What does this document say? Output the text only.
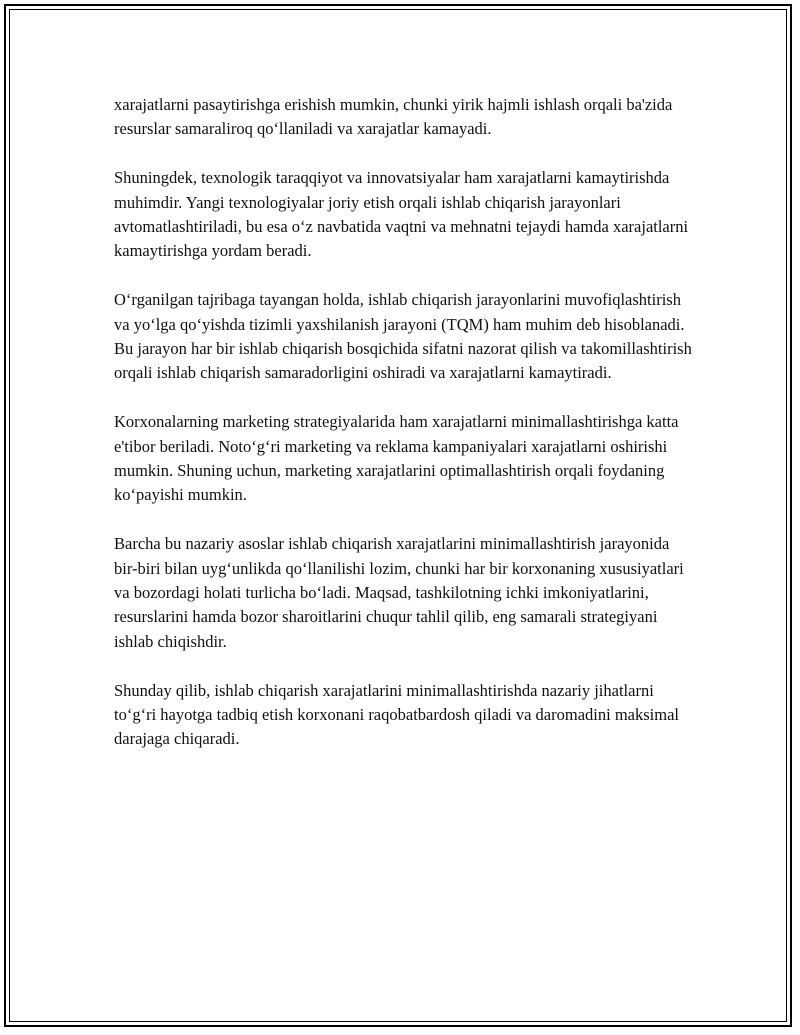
xarajatlarni pasaytirishga erishish mumkin, chunki yirik hajmli ishlash orqali ba'zida resurslar samaraliroq qo‘llaniladi va xarajatlar kamayadi.

Shuningdek, texnologik taraqqiyot va innovatsiyalar ham xarajatlarni kamaytirishda muhimdir. Yangi texnologiyalar joriy etish orqali ishlab chiqarish jarayonlari avtomatlashtiriladi, bu esa o‘z navbatida vaqtni va mehnatni tejaydi hamda xarajatlarni kamaytirishga yordam beradi.

O‘rganilgan tajribaga tayangan holda, ishlab chiqarish jarayonlarini muvofiqlashtirish va yo‘lga qo‘yishda tizimli yaxshilanish jarayoni (TQM) ham muhim deb hisoblanadi. Bu jarayon har bir ishlab chiqarish bosqichida sifatni nazorat qilish va takomillashtirish orqali ishlab chiqarish samaradorligini oshiradi va xarajatlarni kamaytiradi.

Korxonalarning marketing strategiyalarida ham xarajatlarni minimallashtirishga katta e'tibor beriladi. Noto‘g‘ri marketing va reklama kampaniyalari xarajatlarni oshirishi mumkin. Shuning uchun, marketing xarajatlarini optimallashtirish orqali foydaning ko‘payishi mumkin.

Barcha bu nazariy asoslar ishlab chiqarish xarajatlarini minimallashtirish jarayonida bir-biri bilan uyg‘unlikda qo‘llanilishi lozim, chunki har bir korxonaning xususiyatlari va bozordagi holati turlicha bo‘ladi. Maqsad, tashkilotning ichki imkoniyatlarini, resurslarini hamda bozor sharoitlarini chuqur tahlil qilib, eng samarali strategiyani ishlab chiqishdir.

Shunday qilib, ishlab chiqarish xarajatlarini minimallashtirishda nazariy jihatlarni to‘g‘ri hayotga tadbiq etish korxonani raqobatbardosh qiladi va daromadini maksimal darajaga chiqaradi.
